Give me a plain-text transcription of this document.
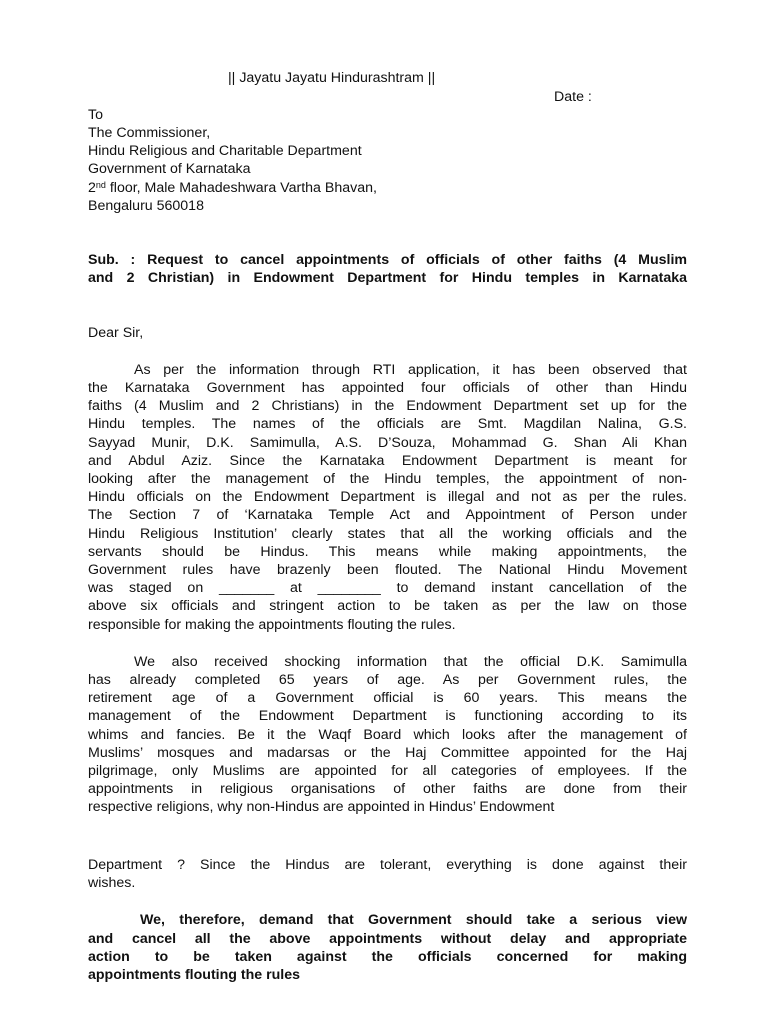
|| Jayatu Jayatu Hindurashtram ||
Date :
To
The Commissioner,
Hindu Religious and Charitable Department
Government of Karnataka
2nd floor, Male Mahadeshwara Vartha Bhavan,
Bengaluru 560018
Sub. : Request to cancel appointments of officials of other faiths (4 Muslim
and 2 Christian) in Endowment Department for Hindu temples in Karnataka
Dear Sir,
As per the information through RTI application, it has been observed that
the Karnataka Government has appointed four officials of other than Hindu
faiths (4 Muslim and 2 Christians) in the Endowment Department set up for the
Hindu temples. The names of the officials are Smt. Magdilan Nalina, G.S.
Sayyad Munir, D.K. Samimulla, A.S. D’Souza, Mohammad G. Shan Ali Khan
and Abdul Aziz. Since the Karnataka Endowment Department is meant for
looking after the management of the Hindu temples, the appointment of non-
Hindu officials on the Endowment Department is illegal and not as per the rules.
The Section 7 of ‘Karnataka Temple Act and Appointment of Person under
Hindu Religious Institution’ clearly states that all the working officials and the
servants should be Hindus. This means while making appointments, the
Government rules have brazenly been flouted. The National Hindu Movement
was staged on _______ at ________ to demand instant cancellation of the
above six officials and stringent action to be taken as per the law on those
responsible for making the appointments flouting the rules.
We also received shocking information that the official D.K. Samimulla
has already completed 65 years of age. As per Government rules, the
retirement age of a Government official is 60 years. This means the
management of the Endowment Department is functioning according to its
whims and fancies. Be it the Waqf Board which looks after the management of
Muslims’ mosques and madarsas or the Haj Committee appointed for the Haj
pilgrimage, only Muslims are appointed for all categories of employees. If the
appointments in religious organisations of other faiths are done from their
respective religions, why non-Hindus are appointed in Hindus’ Endowment
Department ? Since the Hindus are tolerant, everything is done against their
wishes.
We, therefore, demand that Government should take a serious view
and cancel all the above appointments without delay and appropriate
action to be taken against the officials concerned for making
appointments flouting the rules
